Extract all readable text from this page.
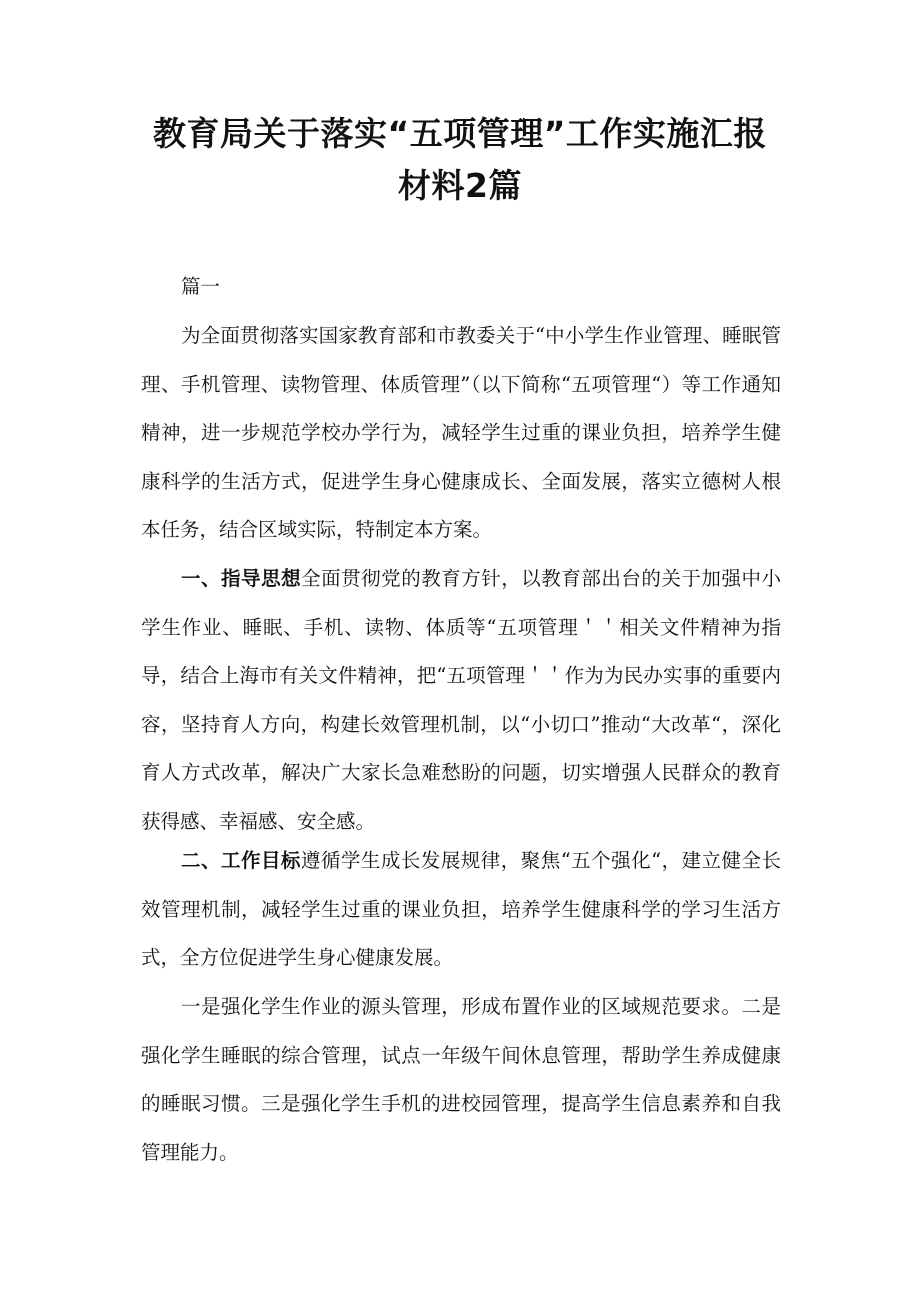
教育局关于落实“五项管理”工作实施汇报
材料2篇

篇一

为全面贯彻落实国家教育部和市教委关于“中小学生作业管理、睡眠管理、手机管理、读物管理、体质管理”（以下简称“五项管理“）等工作通知精神，进一步规范学校办学行为，减轻学生过重的课业负担，培养学生健康科学的生活方式，促进学生身心健康成长、全面发展，落实立德树人根本任务，结合区域实际，特制定本方案。

一、指导思想全面贯彻党的教育方针，以教育部出台的关于加强中小学生作业、睡眠、手机、读物、体质等“五项管理＇＇相关文件精神为指导，结合上海市有关文件精神，把“五项管理＇＇作为为民办实事的重要内容，坚持育人方向，构建长效管理机制，以“小切口”推动“大改革“，深化育人方式改革，解决广大家长急难愁盼的问题，切实增强人民群众的教育获得感、幸福感、安全感。

二、工作目标遵循学生成长发展规律，聚焦“五个强化“，建立健全长效管理机制，减轻学生过重的课业负担，培养学生健康科学的学习生活方式，全方位促进学生身心健康发展。

一是强化学生作业的源头管理，形成布置作业的区域规范要求。二是强化学生睡眠的综合管理，试点一年级午间休息管理，帮助学生养成健康的睡眠习惯。三是强化学生手机的进校园管理，提高学生信息素养和自我管理能力。
